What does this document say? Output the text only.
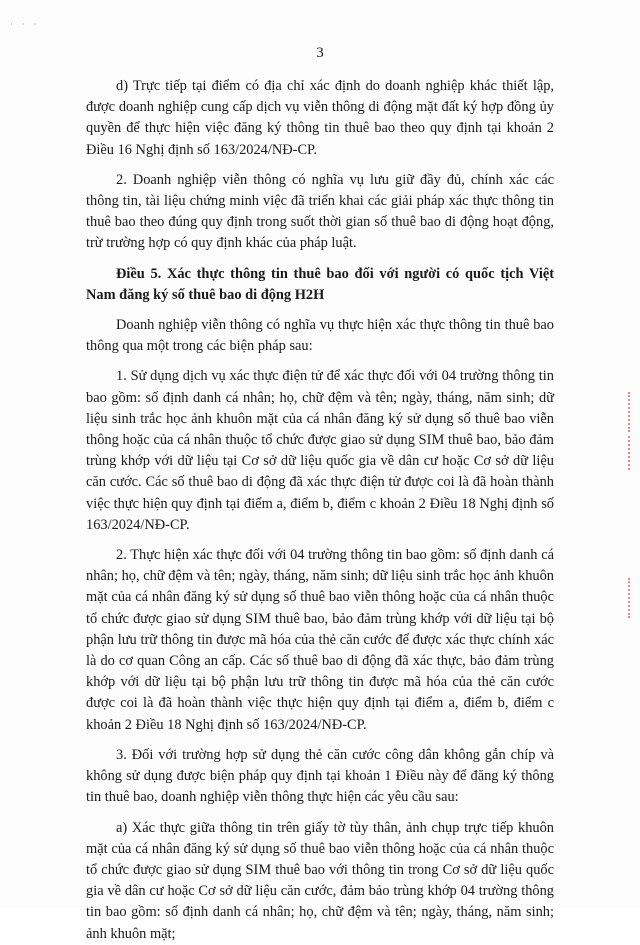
· · ·
3

d) Trực tiếp tại điểm có địa chỉ xác định do doanh nghiệp khác thiết lập, được doanh nghiệp cung cấp dịch vụ viễn thông di động mặt đất ký hợp đồng ủy quyền để thực hiện việc đăng ký thông tin thuê bao theo quy định tại khoản 2 Điều 16 Nghị định số 163/2024/NĐ-CP.

2. Doanh nghiệp viễn thông có nghĩa vụ lưu giữ đầy đủ, chính xác các thông tin, tài liệu chứng minh việc đã triển khai các giải pháp xác thực thông tin thuê bao theo đúng quy định trong suốt thời gian số thuê bao di động hoạt động, trừ trường hợp có quy định khác của pháp luật.

Điều 5. Xác thực thông tin thuê bao đối với người có quốc tịch Việt Nam đăng ký số thuê bao di động H2H

Doanh nghiệp viễn thông có nghĩa vụ thực hiện xác thực thông tin thuê bao thông qua một trong các biện pháp sau:

1. Sử dụng dịch vụ xác thực điện tử để xác thực đối với 04 trường thông tin bao gồm: số định danh cá nhân; họ, chữ đệm và tên; ngày, tháng, năm sinh; dữ liệu sinh trắc học ảnh khuôn mặt của cá nhân đăng ký sử dụng số thuê bao viễn thông hoặc của cá nhân thuộc tổ chức được giao sử dụng SIM thuê bao, bảo đảm trùng khớp với dữ liệu tại Cơ sở dữ liệu quốc gia về dân cư hoặc Cơ sở dữ liệu căn cước. Các số thuê bao di động đã xác thực điện tử được coi là đã hoàn thành việc thực hiện quy định tại điểm a, điểm b, điểm c khoản 2 Điều 18 Nghị định số 163/2024/NĐ-CP.

2. Thực hiện xác thực đối với 04 trường thông tin bao gồm: số định danh cá nhân; họ, chữ đệm và tên; ngày, tháng, năm sinh; dữ liệu sinh trắc học ảnh khuôn mặt của cá nhân đăng ký sử dụng số thuê bao viễn thông hoặc của cá nhân thuộc tổ chức được giao sử dụng SIM thuê bao, bảo đảm trùng khớp với dữ liệu tại bộ phận lưu trữ thông tin được mã hóa của thẻ căn cước để được xác thực chính xác là do cơ quan Công an cấp. Các số thuê bao di động đã xác thực, bảo đảm trùng khớp với dữ liệu tại bộ phận lưu trữ thông tin được mã hóa của thẻ căn cước được coi là đã hoàn thành việc thực hiện quy định tại điểm a, điểm b, điểm c khoản 2 Điều 18 Nghị định số 163/2024/NĐ-CP.

3. Đối với trường hợp sử dụng thẻ căn cước công dân không gắn chíp và không sử dụng được biện pháp quy định tại khoản 1 Điều này để đăng ký thông tin thuê bao, doanh nghiệp viễn thông thực hiện các yêu cầu sau:

a) Xác thực giữa thông tin trên giấy tờ tùy thân, ảnh chụp trực tiếp khuôn mặt của cá nhân đăng ký sử dụng số thuê bao viễn thông hoặc của cá nhân thuộc tổ chức được giao sử dụng SIM thuê bao với thông tin trong Cơ sở dữ liệu quốc gia về dân cư hoặc Cơ sở dữ liệu căn cước, đảm bảo trùng khớp 04 trường thông tin bao gồm: số định danh cá nhân; họ, chữ đệm và tên; ngày, tháng, năm sinh; ảnh khuôn mặt;
